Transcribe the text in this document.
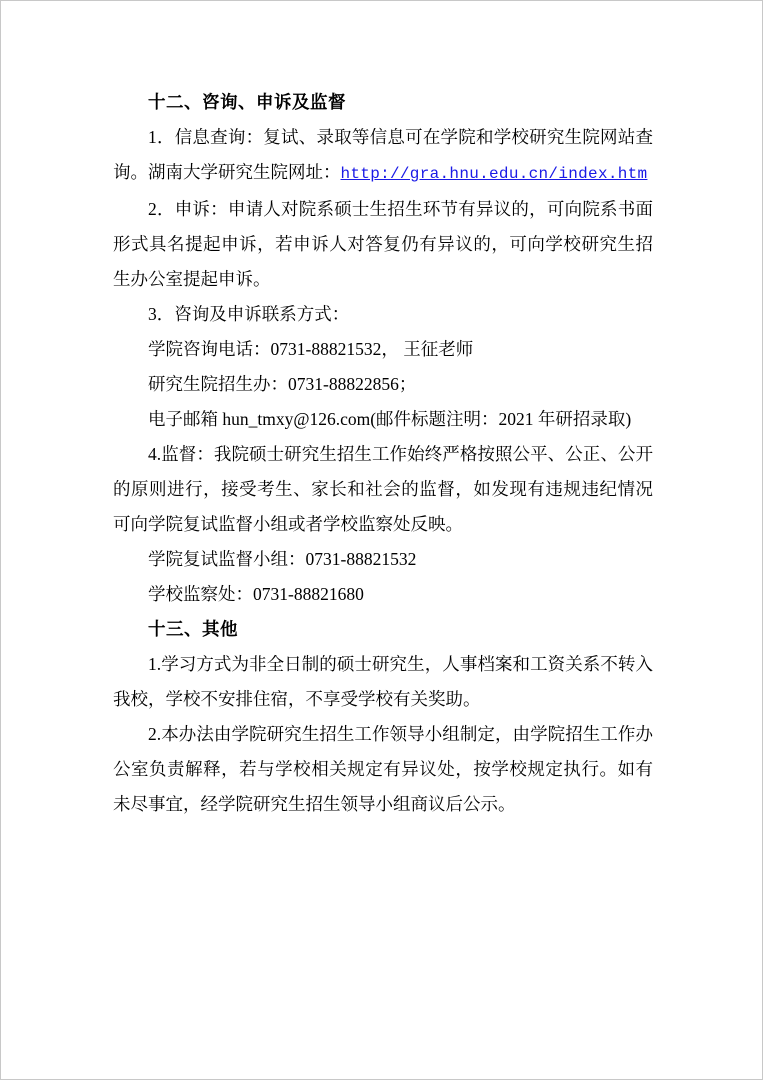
十二、咨询、申诉及监督

1．信息查询：复试、录取等信息可在学院和学校研究生院网站查询。湖南大学研究生院网址：http://gra.hnu.edu.cn/index.htm

2．申诉：申请人对院系硕士生招生环节有异议的，可向院系书面形式具名提起申诉，若申诉人对答复仍有异议的，可向学校研究生招生办公室提起申诉。

3．咨询及申诉联系方式：

学院咨询电话：0731-88821532， 王征老师

研究生院招生办：0731-88822856；

电子邮箱 hun_tmxy@126.com(邮件标题注明：2021 年研招录取)

4.监督：我院硕士研究生招生工作始终严格按照公平、公正、公开的原则进行，接受考生、家长和社会的监督，如发现有违规违纪情况可向学院复试监督小组或者学校监察处反映。

学院复试监督小组：0731-88821532

学校监察处：0731-88821680

十三、其他

1.学习方式为非全日制的硕士研究生，人事档案和工资关系不转入我校，学校不安排住宿，不享受学校有关奖助。

2.本办法由学院研究生招生工作领导小组制定，由学院招生工作办公室负责解释，若与学校相关规定有异议处，按学校规定执行。如有未尽事宜，经学院研究生招生领导小组商议后公示。
